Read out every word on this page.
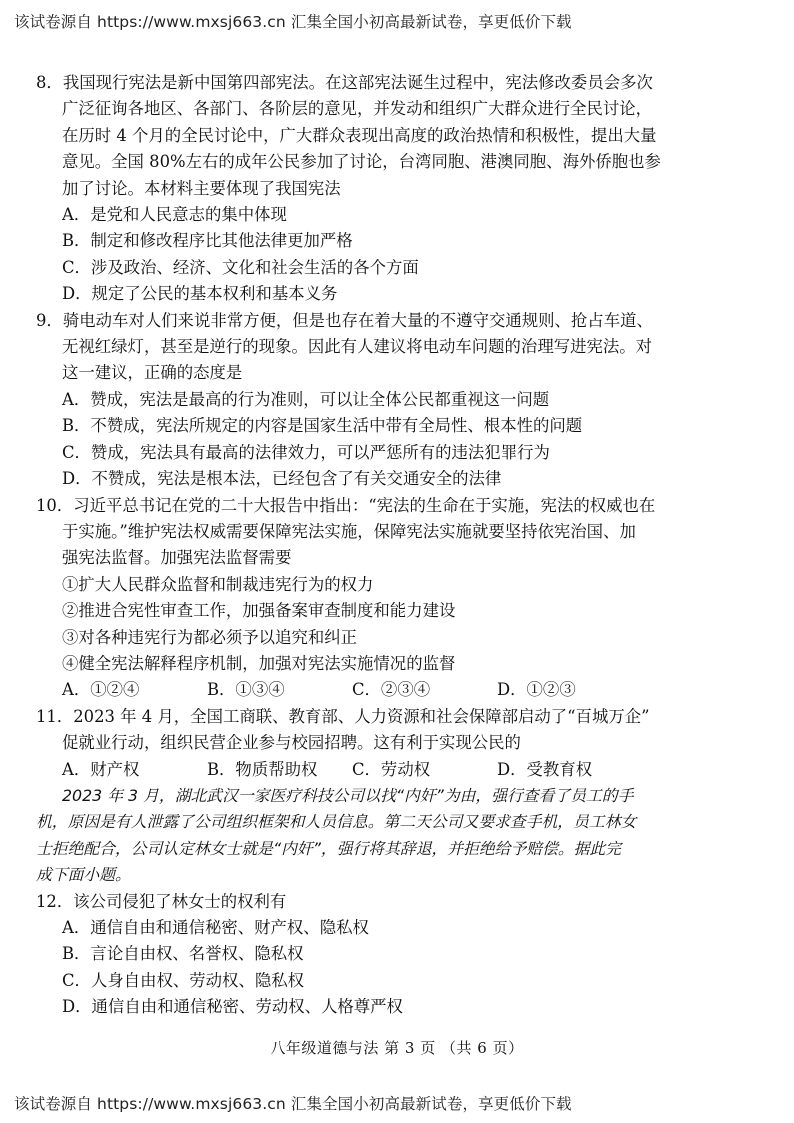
该试卷源自 https://www.mxsj663.cn 汇集全国小初高最新试卷，享更低价下载
8．我国现行宪法是新中国第四部宪法。在这部宪法诞生过程中，宪法修改委员会多次
广泛征询各地区、各部门、各阶层的意见，并发动和组织广大群众进行全民讨论，
在历时 4 个月的全民讨论中，广大群众表现出高度的政治热情和积极性，提出大量
意见。全国 80%左右的成年公民参加了讨论，台湾同胞、港澳同胞、海外侨胞也参
加了讨论。本材料主要体现了我国宪法
A．是党和人民意志的集中体现
B．制定和修改程序比其他法律更加严格
C．涉及政治、经济、文化和社会生活的各个方面
D．规定了公民的基本权利和基本义务
9．骑电动车对人们来说非常方便，但是也存在着大量的不遵守交通规则、抢占车道、
无视红绿灯，甚至是逆行的现象。因此有人建议将电动车问题的治理写进宪法。对
这一建议，正确的态度是
A．赞成，宪法是最高的行为准则，可以让全体公民都重视这一问题
B．不赞成，宪法所规定的内容是国家生活中带有全局性、根本性的问题
C．赞成，宪法具有最高的法律效力，可以严惩所有的违法犯罪行为
D．不赞成，宪法是根本法，已经包含了有关交通安全的法律
10．习近平总书记在党的二十大报告中指出：“宪法的生命在于实施，宪法的权威也在
于实施。”维护宪法权威需要保障宪法实施，保障宪法实施就要坚持依宪治国、加
强宪法监督。加强宪法监督需要
①扩大人民群众监督和制裁违宪行为的权力
②推进合宪性审查工作，加强备案审查制度和能力建设
③对各种违宪行为都必须予以追究和纠正
④健全宪法解释程序机制，加强对宪法实施情况的监督
A．①②④	B．①③④	C．②③④	D．①②③
11．2023 年 4 月，全国工商联、教育部、人力资源和社会保障部启动了“百城万企”
促就业行动，组织民营企业参与校园招聘。这有利于实现公民的
A．财产权	B．物质帮助权	C．劳动权	D．受教育权
2023 年 3 月，湖北武汉一家医疗科技公司以找“内奸”为由，强行查看了员工的手
机，原因是有人泄露了公司组织框架和人员信息。第二天公司又要求查手机，员工林女
士拒绝配合，公司认定林女士就是“内奸”，强行将其辞退，并拒绝给予赔偿。据此完
成下面小题。
12．该公司侵犯了林女士的权利有
A．通信自由和通信秘密、财产权、隐私权
B．言论自由权、名誉权、隐私权
C．人身自由权、劳动权、隐私权
D．通信自由和通信秘密、劳动权、人格尊严权
八年级道德与法 第 3 页 （共 6 页）
该试卷源自 https://www.mxsj663.cn 汇集全国小初高最新试卷，享更低价下载
